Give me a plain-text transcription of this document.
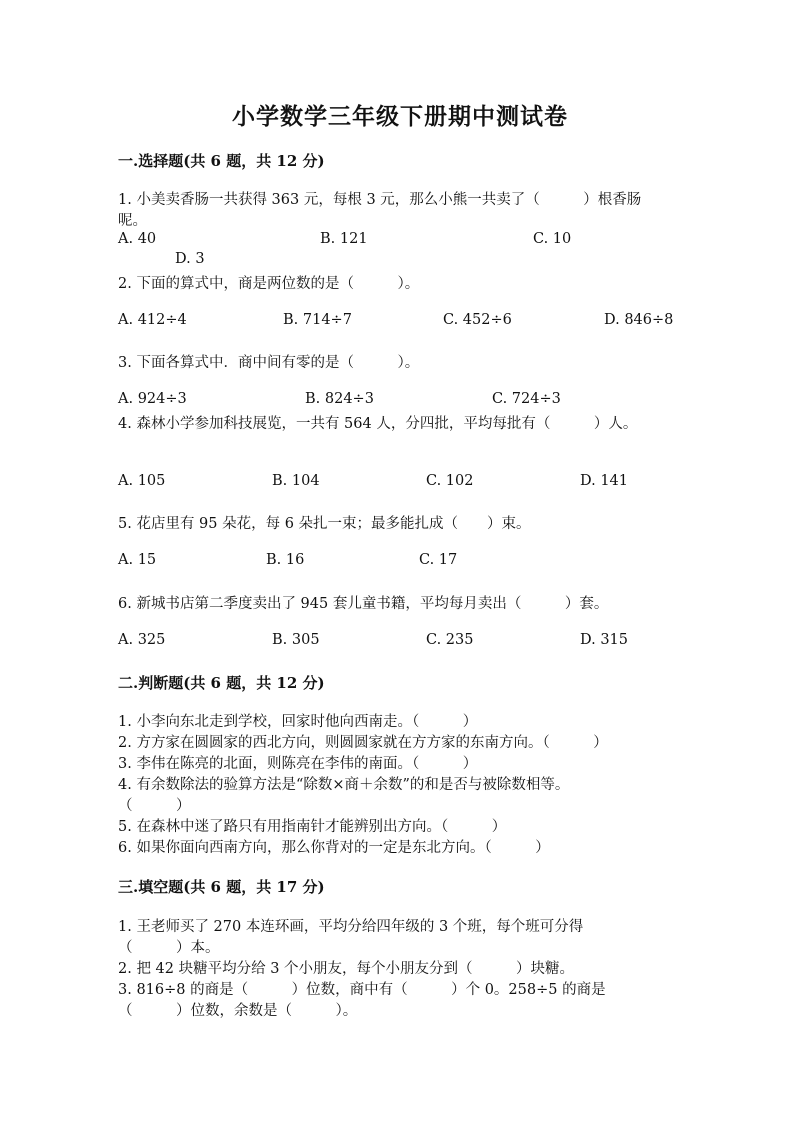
小学数学三年级下册期中测试卷
一.选择题(共 6 题，共 12 分)
1. 小美卖香肠一共获得 363 元，每根 3 元，那么小熊一共卖了（　　　）根香肠
呢。
A. 40	B. 121	C. 10
D. 3
2. 下面的算式中，商是两位数的是（　　　）。
A. 412÷4	B. 714÷7	C. 452÷6	D. 846÷8
3. 下面各算式中．商中间有零的是（　　　）。
A. 924÷3	B. 824÷3	C. 724÷3
4. 森林小学参加科技展览，一共有 564 人，分四批，平均每批有（　　　）人。
A. 105	B. 104	C. 102	D. 141
5. 花店里有 95 朵花，每 6 朵扎一束；最多能扎成（　　）束。
A. 15	B. 16	C. 17
6. 新城书店第二季度卖出了 945 套儿童书籍，平均每月卖出（　　　）套。
A. 325	B. 305	C. 235	D. 315
二.判断题(共 6 题，共 12 分)
1. 小李向东北走到学校，回家时他向西南走。（　　　）
2. 方方家在圆圆家的西北方向，则圆圆家就在方方家的东南方向。（　　　）
3. 李伟在陈亮的北面，则陈亮在李伟的南面。（　　　）
4. 有余数除法的验算方法是“除数×商＋余数”的和是否与被除数相等。
（　　　）
5. 在森林中迷了路只有用指南针才能辨别出方向。（　　　）
6. 如果你面向西南方向，那么你背对的一定是东北方向。（　　　）
三.填空题(共 6 题，共 17 分)
1. 王老师买了 270 本连环画，平均分给四年级的 3 个班，每个班可分得
（　　　）本。
2. 把 42 块糖平均分给 3 个小朋友，每个小朋友分到（　　　）块糖。
3. 816÷8 的商是（　　　）位数，商中有（　　　）个 0。258÷5 的商是
（　　　）位数，余数是（　　　）。
